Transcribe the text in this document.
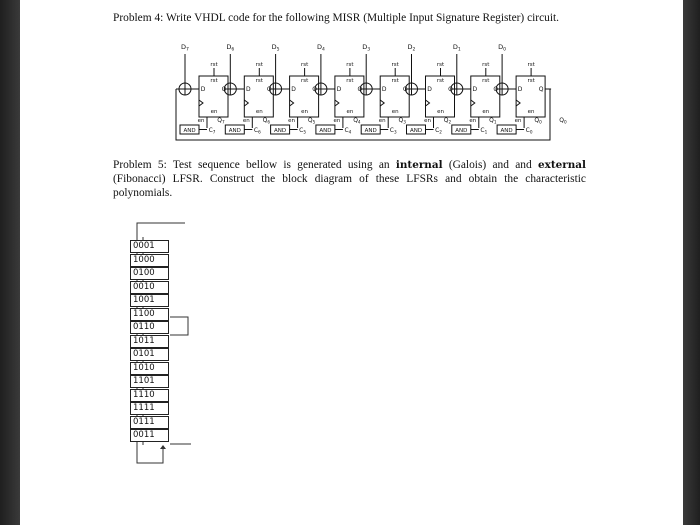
Problem 4: Write VHDL code for the following MISR (Multiple Input Signature Register) circuit.

$D_7$
rst
rst
D	Q
en
en $Q_7$
AND $C_7$
$D_6$
rst
rst
D	Q
en
en $Q_6$
AND $C_6$
$D_5$
rst
rst
D	Q
en
en $Q_5$
AND $C_5$
$D_4$
rst
rst
D	Q
en
en $Q_4$
AND $C_4$
$D_3$
rst
rst
D	Q
en
en $Q_3$
AND $C_3$
$D_2$
rst
rst
D	Q
en
en $Q_2$
AND $C_2$
$D_1$
rst
rst
D	Q
en
en $Q_1$
AND $C_1$
$D_0$
rst
rst
D	Q
en
en $Q_0$
AND $C_0$
$Q_0$

Problem 5: Test sequence bellow is generated using an internal (Galois) and and external (Fibonacci) LFSR. Construct the block diagram of these LFSRs and obtain the characteristic polynomials.

0001
1000
0100
0010
1001
1100
0110
1011
0101
1010
1101
1110
1111
0111
0011
